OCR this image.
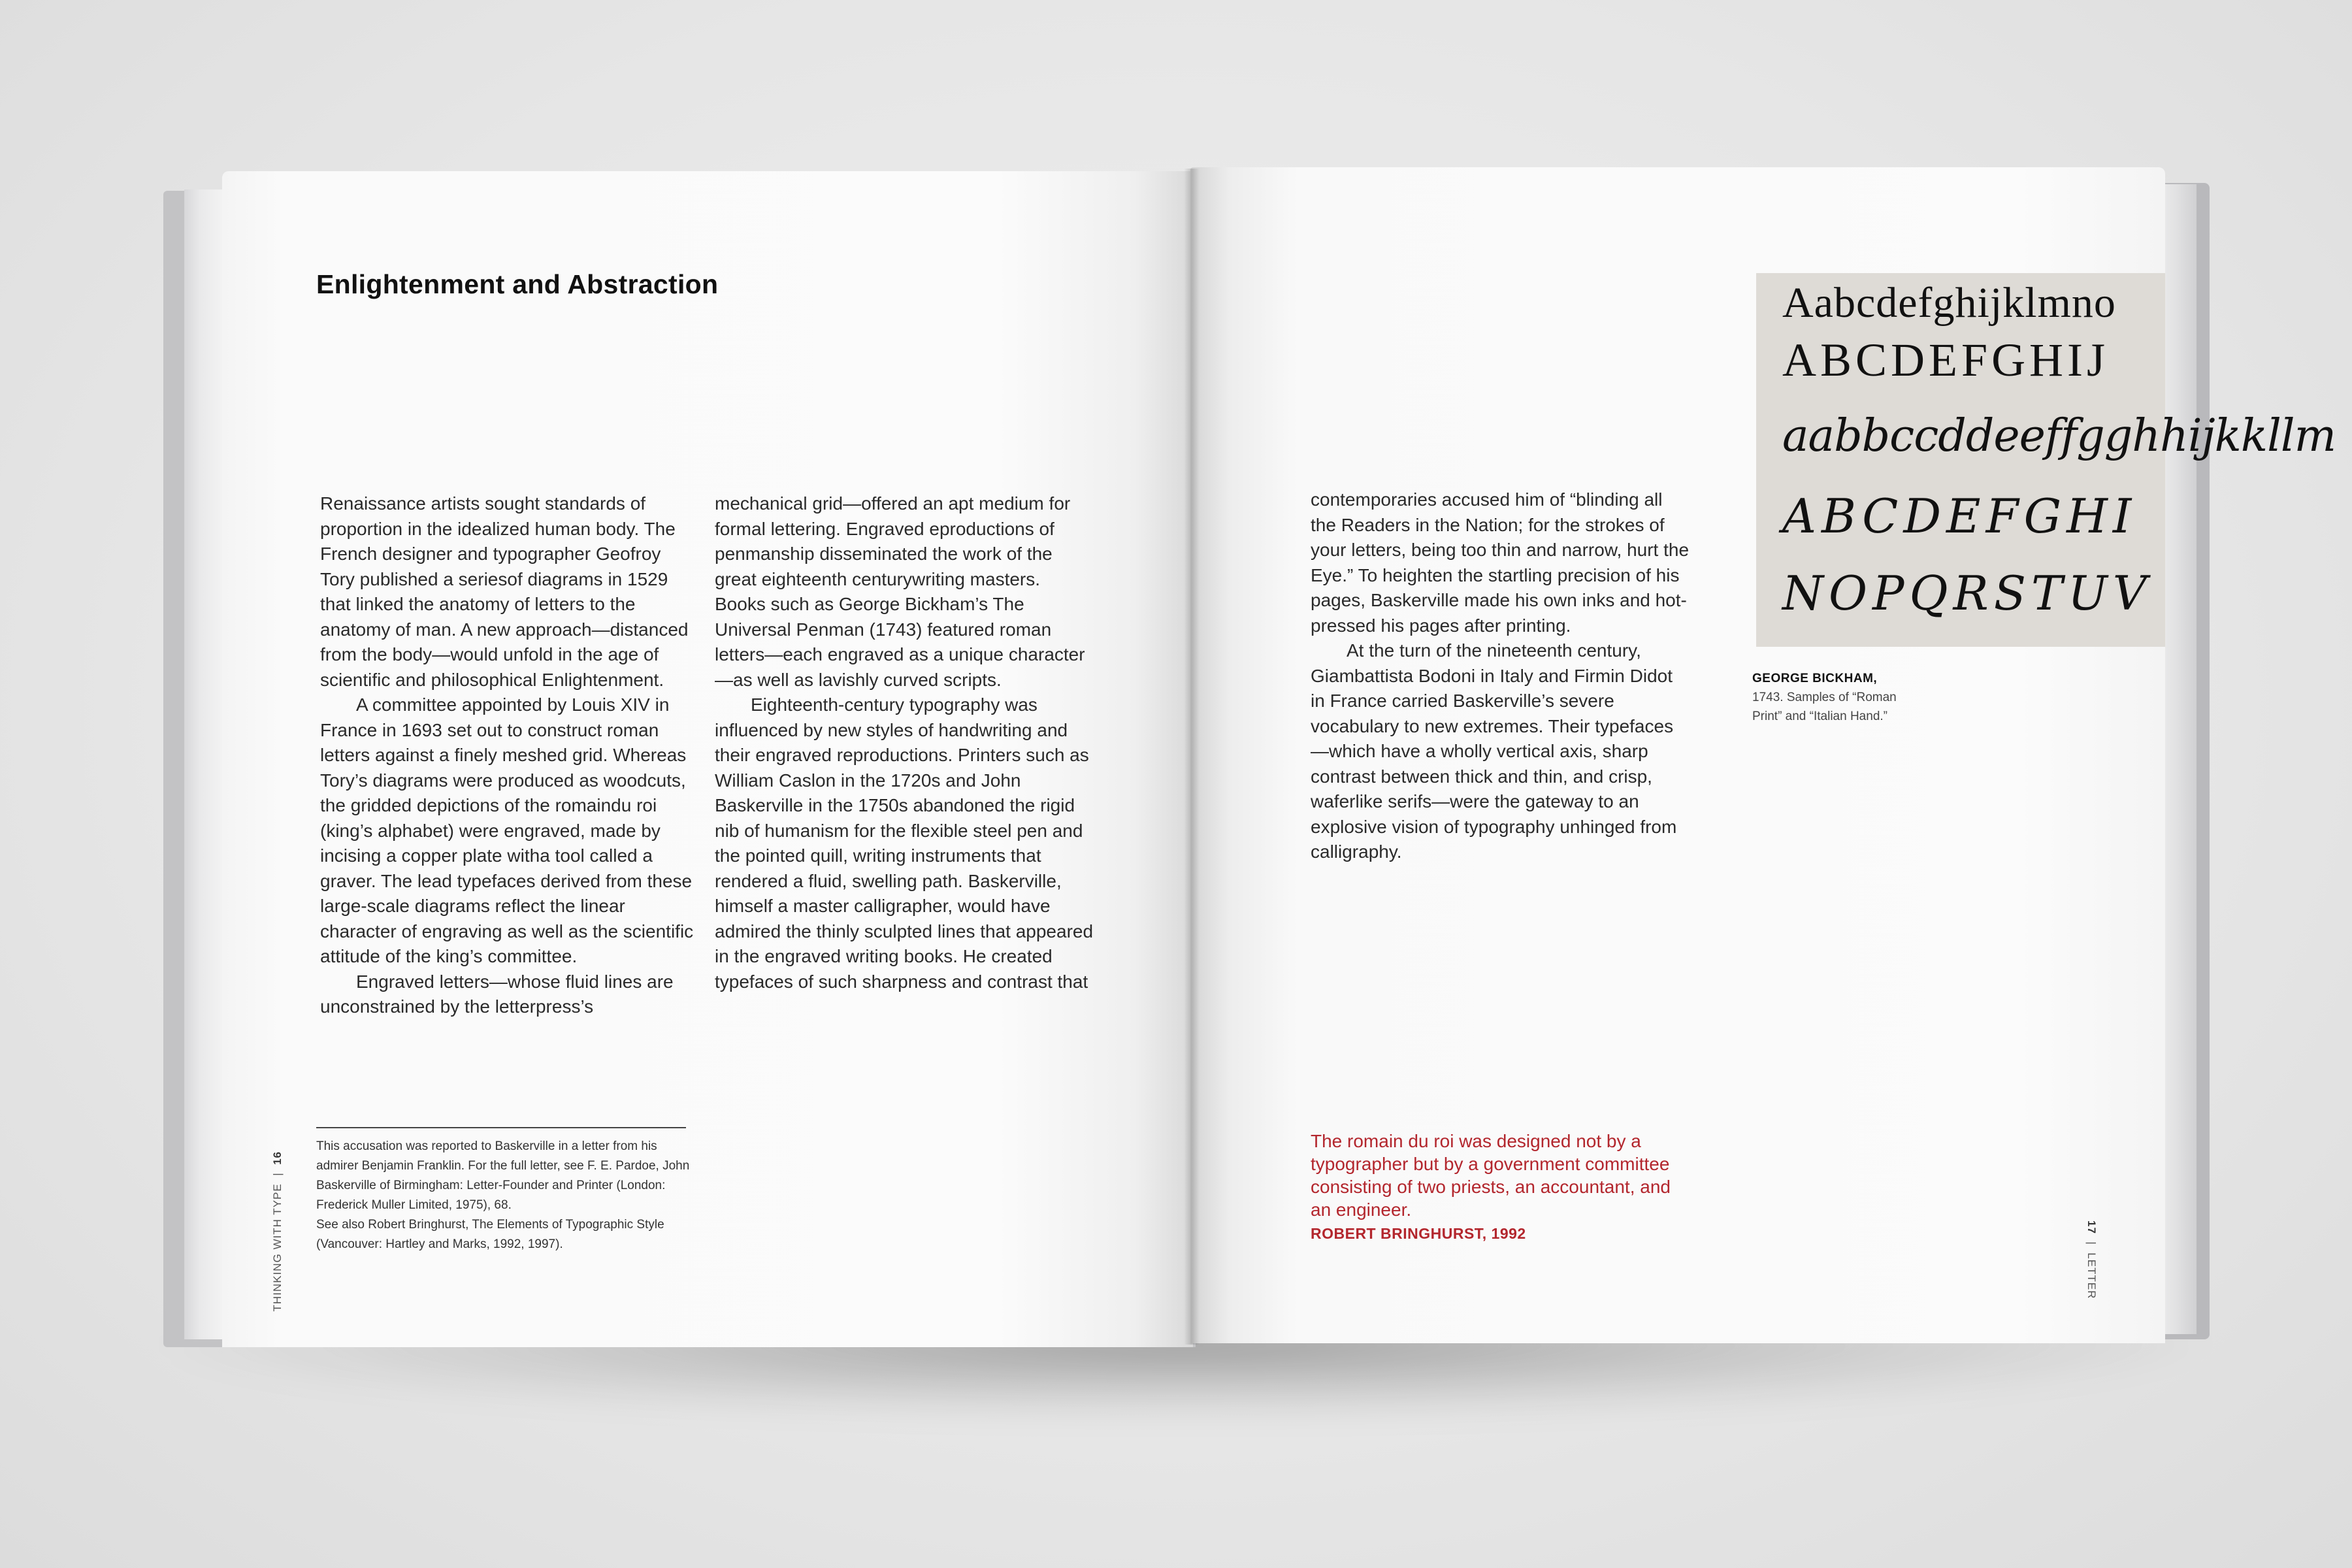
Enlightenment and Abstraction

Renaissance artists sought standards of proportion in the idealized human body. The French designer and typographer Geofroy Tory published a seriesof diagrams in 1529 that linked the anatomy of letters to the anatomy of man. A new approach—distanced from the body—would unfold in the age of scientific and philosophical Enlightenment.

A committee appointed by Louis XIV in France in 1693 set out to construct roman letters against a finely meshed grid. Whereas Tory’s diagrams were produced as woodcuts, the gridded depictions of the romaindu roi (king’s alphabet) were engraved, made by incising a copper plate witha tool called a graver. The lead typefaces derived from these large-scale diagrams reflect the linear character of engraving as well as the scientific attitude of the king’s committee.

Engraved letters—whose fluid lines are unconstrained by the letterpress’s

mechanical grid—offered an apt medium for formal lettering. Engraved eproductions of penmanship disseminated the work of the great eighteenth centurywriting masters. Books such as George Bickham’s The Universal Penman (1743) featured roman letters—each engraved as a unique character—as well as lavishly curved scripts.

Eighteenth-century typography was influenced by new styles of handwriting and their engraved reproductions. Printers such as William Caslon in the 1720s and John Baskerville in the 1750s abandoned the rigid nib of humanism for the flexible steel pen and the pointed quill, writing instruments that rendered a fluid, swelling path. Baskerville, himself a master calligrapher, would have admired the thinly sculpted lines that appeared in the engraved writing books. He created typefaces of such sharpness and contrast that

This accusation was reported to Baskerville in a letter from his admirer Benjamin Franklin. For the full letter, see F. E. Pardoe, John Baskerville of Birmingham: Letter-Founder and Printer (London: Frederick Muller Limited, 1975), 68.

See also Robert Bringhurst, The Elements of Typographic Style (Vancouver: Hartley and Marks, 1992, 1997).

THINKING WITH TYPE  |  16

contemporaries accused him of “blinding all the Readers in the Nation; for the strokes of your letters, being too thin and narrow, hurt the Eye.” To heighten the startling precision of his pages, Baskerville made his own inks and hot-pressed his pages after printing.

At the turn of the nineteenth century, Giambattista Bodoni in Italy and Firmin Didot in France carried Baskerville’s severe vocabulary to new extremes. Their typefaces—which have a wholly vertical axis, sharp contrast between thick and thin, and crisp, waferlike serifs—were the gateway to an explosive vision of typography unhinged from calligraphy.

Aabcdefghijklmno
ABCDEFGHIJ
aabbccddeeffgghhijkkllm
ABCDEFGHI
NOPQRSTUV
GEORGE BICKHAM,
1743. Samples of “Roman Print” and “Italian Hand.”
The romain du roi was designed not by a typographer but by a government committee consisting of two priests, an accountant, and an engineer.
ROBERT BRINGHURST, 1992	17  |  LETTER
